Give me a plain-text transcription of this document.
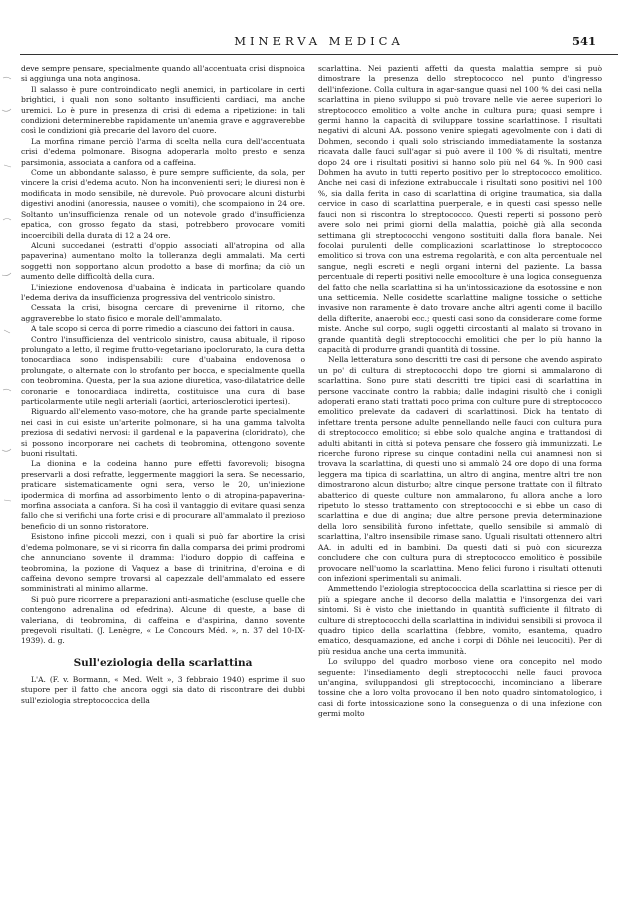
MINERVA MEDICA	541

deve sempre pensare, specialmente quando all'accentuata crisi dispnoica si aggiunga una nota anginosa.

Il salasso è pure controindicato negli anemici, in particolare in certi brightici, i quali non sono soltanto insufficienti cardiaci, ma anche uremici. Lo è pure in presenza di crisi di edema a ripetizione: in tali condizioni determinerebbe rapidamente un'anemia grave e aggraverebbe così le condizioni già precarie del lavoro del cuore.

La morfina rimane perciò l'arma di scelta nella cura dell'accentuata crisi d'edema polmonare. Bisogna adoperarla molto presto e senza parsimonia, associata a canfora od a caffeina.

Come un abbondante salasso, è pure sempre sufficiente, da sola, per vincere la crisi d'edema acuto. Non ha inconvenienti seri; le diuresi non è modificata in modo sensibile, nè durevole. Può provocare alcuni disturbi digestivi anodini (anoressia, nausee o vomiti), che scompaiono in 24 ore. Soltanto un'insufficienza renale od un notevole grado d'insufficienza epatica, con grosso fegato da stasi, potrebbero provocare vomiti incoercibili della durata di 12 a 24 ore.

Alcuni succedanei (estratti d'oppio associati all'atropina od alla papaverina) aumentano molto la tolleranza degli ammalati. Ma certi soggetti non sopportano alcun prodotto a base di morfina; da ciò un aumento delle difficoltà della cura.

L'iniezione endovenosa d'uabaina è indicata in particolare quando l'edema deriva da insufficienza progressiva del ventricolo sinistro.

Cessata la crisi, bisogna cercare di prevenirne il ritorno, che aggraverebbe lo stato fisico e morale dell'ammalato.

A tale scopo si cerca di porre rimedio a ciascuno dei fattori in causa.

Contro l'insufficienza del ventricolo sinistro, causa abituale, il riposo prolungato a letto, il regime frutto-vegetariano ipoclorurato, la cura detta tonocardiaca sono indispensabili: cure d'uabaina endovenosa o prolungate, o alternate con lo strofanto per bocca, e specialmente quella con teobromina. Questa, per la sua azione diuretica, vaso-dilatatrice delle coronarie e tonocardiaca indiretta, costituisce una cura di base particolarmente utile negli arteriali (aortici, arteriosclerotici ipertesi).

Riguardo all'elemento vaso-motore, che ha grande parte specialmente nei casi in cui esiste un'arterite polmonare, si ha una gamma talvolta preziosa di sedativi nervosi: il gardenal e la papaverina (cloridrato), che si possono incorporare nei cachets di teobromina, ottengono sovente buoni risultati.

La dionina e la codeina hanno pure effetti favorevoli; bisogna preservarli a dosi refratte, leggermente maggiori la sera. Se necessario, praticare sistematicamente ogni sera, verso le 20, un'iniezione ipodermica di morfina ad assorbimento lento o di atropina-papaverina-morfina associata a canfora. Si ha così il vantaggio di evitare quasi senza fallo che si verifichi una forte crisi e di procurare all'ammalato il prezioso beneficio di un sonno ristoratore.

Esistono infine piccoli mezzi, con i quali si può far abortire la crisi d'edema polmonare, se vi si ricorra fin dalla comparsa dei primi prodromi che annunciano sovente il dramma: l'ioduro doppio di caffeina e teobromina, la pozione di Vaquez a base di trinitrina, d'eroina e di caffeina devono sempre trovarsi al capezzale dell'ammalato ed essere somministrati al minimo allarme.

Si può pure ricorrere a preparazioni anti-asmatiche (escluse quelle che contengono adrenalina od efedrina). Alcune di queste, a base di valeriana, di teobromina, di caffeina e d'aspirina, danno sovente pregevoli risultati. (J. Lenègre, « Le Concours Méd. », n. 37 del 10-IX-1939). d. g.

Sull'eziologia della scarlattina

L'A. (F. v. Bormann, « Med. Welt », 3 febbraio 1940) esprime il suo stupore per il fatto che ancora oggi sia dato di riscontrare dei dubbi sull'eziologia streptococcica della

scarlattina. Nei pazienti affetti da questa malattia sempre si può dimostrare la presenza dello streptococco nel punto d'ingresso dell'infezione. Colla cultura in agar-sangue quasi nel 100 % dei casi nella scarlattina in pieno sviluppo si può trovare nelle vie aeree superiori lo streptococco emolitico a volte anche in cultura pura; quasi sempre i germi hanno la capacità di sviluppare tossine scarlattinose. I risultati negativi di alcuni AA. possono venire spiegati agevolmente con i dati di Dohmen, secondo i quali solo strisciando immediatamente la sostanza ricavata dalle fauci sull'agar si può avere il 100 % di risultati, mentre dopo 24 ore i risultati positivi si hanno solo più nel 64 %. In 900 casi Dohmen ha avuto in tutti reperto positivo per lo streptococco emolitico. Anche nei casi di infezione extrabuccale i risultati sono positivi nel 100 %, sia dalla ferita in caso di scarlattina di origine traumatica, sia dalla cervice in caso di scarlattina puerperale, e in questi casi spesso nelle fauci non si riscontra lo streptococco. Questi reperti si possono però avere solo nei primi giorni della malattia, poichè già alla seconda settimana gli streptococchi vengono sostituiti dalla flora banale. Nei focolai purulenti delle complicazioni scarlattinose lo streptococco emolitico si trova con una estrema regolarità, e con alta percentuale nel sangue, negli escreti e negli organi interni del paziente. La bassa percentuale di reperti positivi nelle emocolture è una logica conseguenza del fatto che nella scarlattina si ha un'intossicazione da esotossine e non una setticemia. Nelle cosidette scarlattine maligne tossiche o settiche invasive non raramente è dato trovare anche altri agenti come il bacillo della difterite, anaerobi ecc.; questi casi sono da considerare come forme miste. Anche sul corpo, sugli oggetti circostanti al malato si trovano in grande quantità degli streptococchi emolitici che per lo più hanno la capacità di produrre grandi quantità di tossine.

Nella letteratura sono descritti tre casi di persone che avendo aspirato un po' di cultura di streptococchi dopo tre giorni si ammalarono di scarlattina. Sono pure stati descritti tre tipici casi di scarlattina in persone vaccinate contro la rabbia; dalle indagini risultò che i conigli adoperati erano stati trattati poco prima con culture pure di streptococco emolitico prelevate da cadaveri di scarlattinosi. Dick ha tentato di infettare trenta persone adulte pennellando nelle fauci con cultura pura di streptococco emolitico; si ebbe solo qualche angina e trattandosi di adulti abitanti in città si poteva pensare che fossero già immunizzati. Le ricerche furono riprese su cinque contadini nella cui anamnesi non si trovava la scarlattina, di questi uno si ammalò 24 ore dopo di una forma leggera ma tipica di scarlattina, un altro di angina, mentre altri tre non dimostrarono alcun disturbo; altre cinque persone trattate con il filtrato abatterico di queste culture non ammalarono, fu allora anche a loro ripetuto lo stesso trattamento con streptococchi e si ebbe un caso di scarlattina e due di angina; due altre persone previa determinazione della loro sensibilità furono infettate, quello sensibile si ammalò di scarlattina, l'altro insensibile rimase sano. Uguali risultati ottennero altri AA. in adulti ed in bambini. Da questi dati si può con sicurezza concludere che con cultura pura di streptococco emolitico è possibile provocare nell'uomo la scarlattina. Meno felici furono i risultati ottenuti con infezioni sperimentali su animali.

Ammettendo l'eziologia streptococcica della scarlattina si riesce per di più a spiegare anche il decorso della malattia e l'insorgenza dei vari sintomi. Si è visto che iniettando in quantità sufficiente il filtrato di culture di streptococchi della scarlattina in individui sensibili si provoca il quadro tipico della scarlattina (febbre, vomito, esantema, quadro ematico, desquamazione, ed anche i corpi di Döhle nei leucociti). Per di più residua anche una certa immunità.

Lo sviluppo del quadro morboso viene ora concepito nel modo seguente: l'insediamento degli streptococchi nelle fauci provoca un'angina, sviluppandosi gli streptococchi, incominciano a liberare tossine che a loro volta provocano il ben noto quadro sintomatologico, i casi di forte intossicazione sono la conseguenza o di una infezione con germi molto
